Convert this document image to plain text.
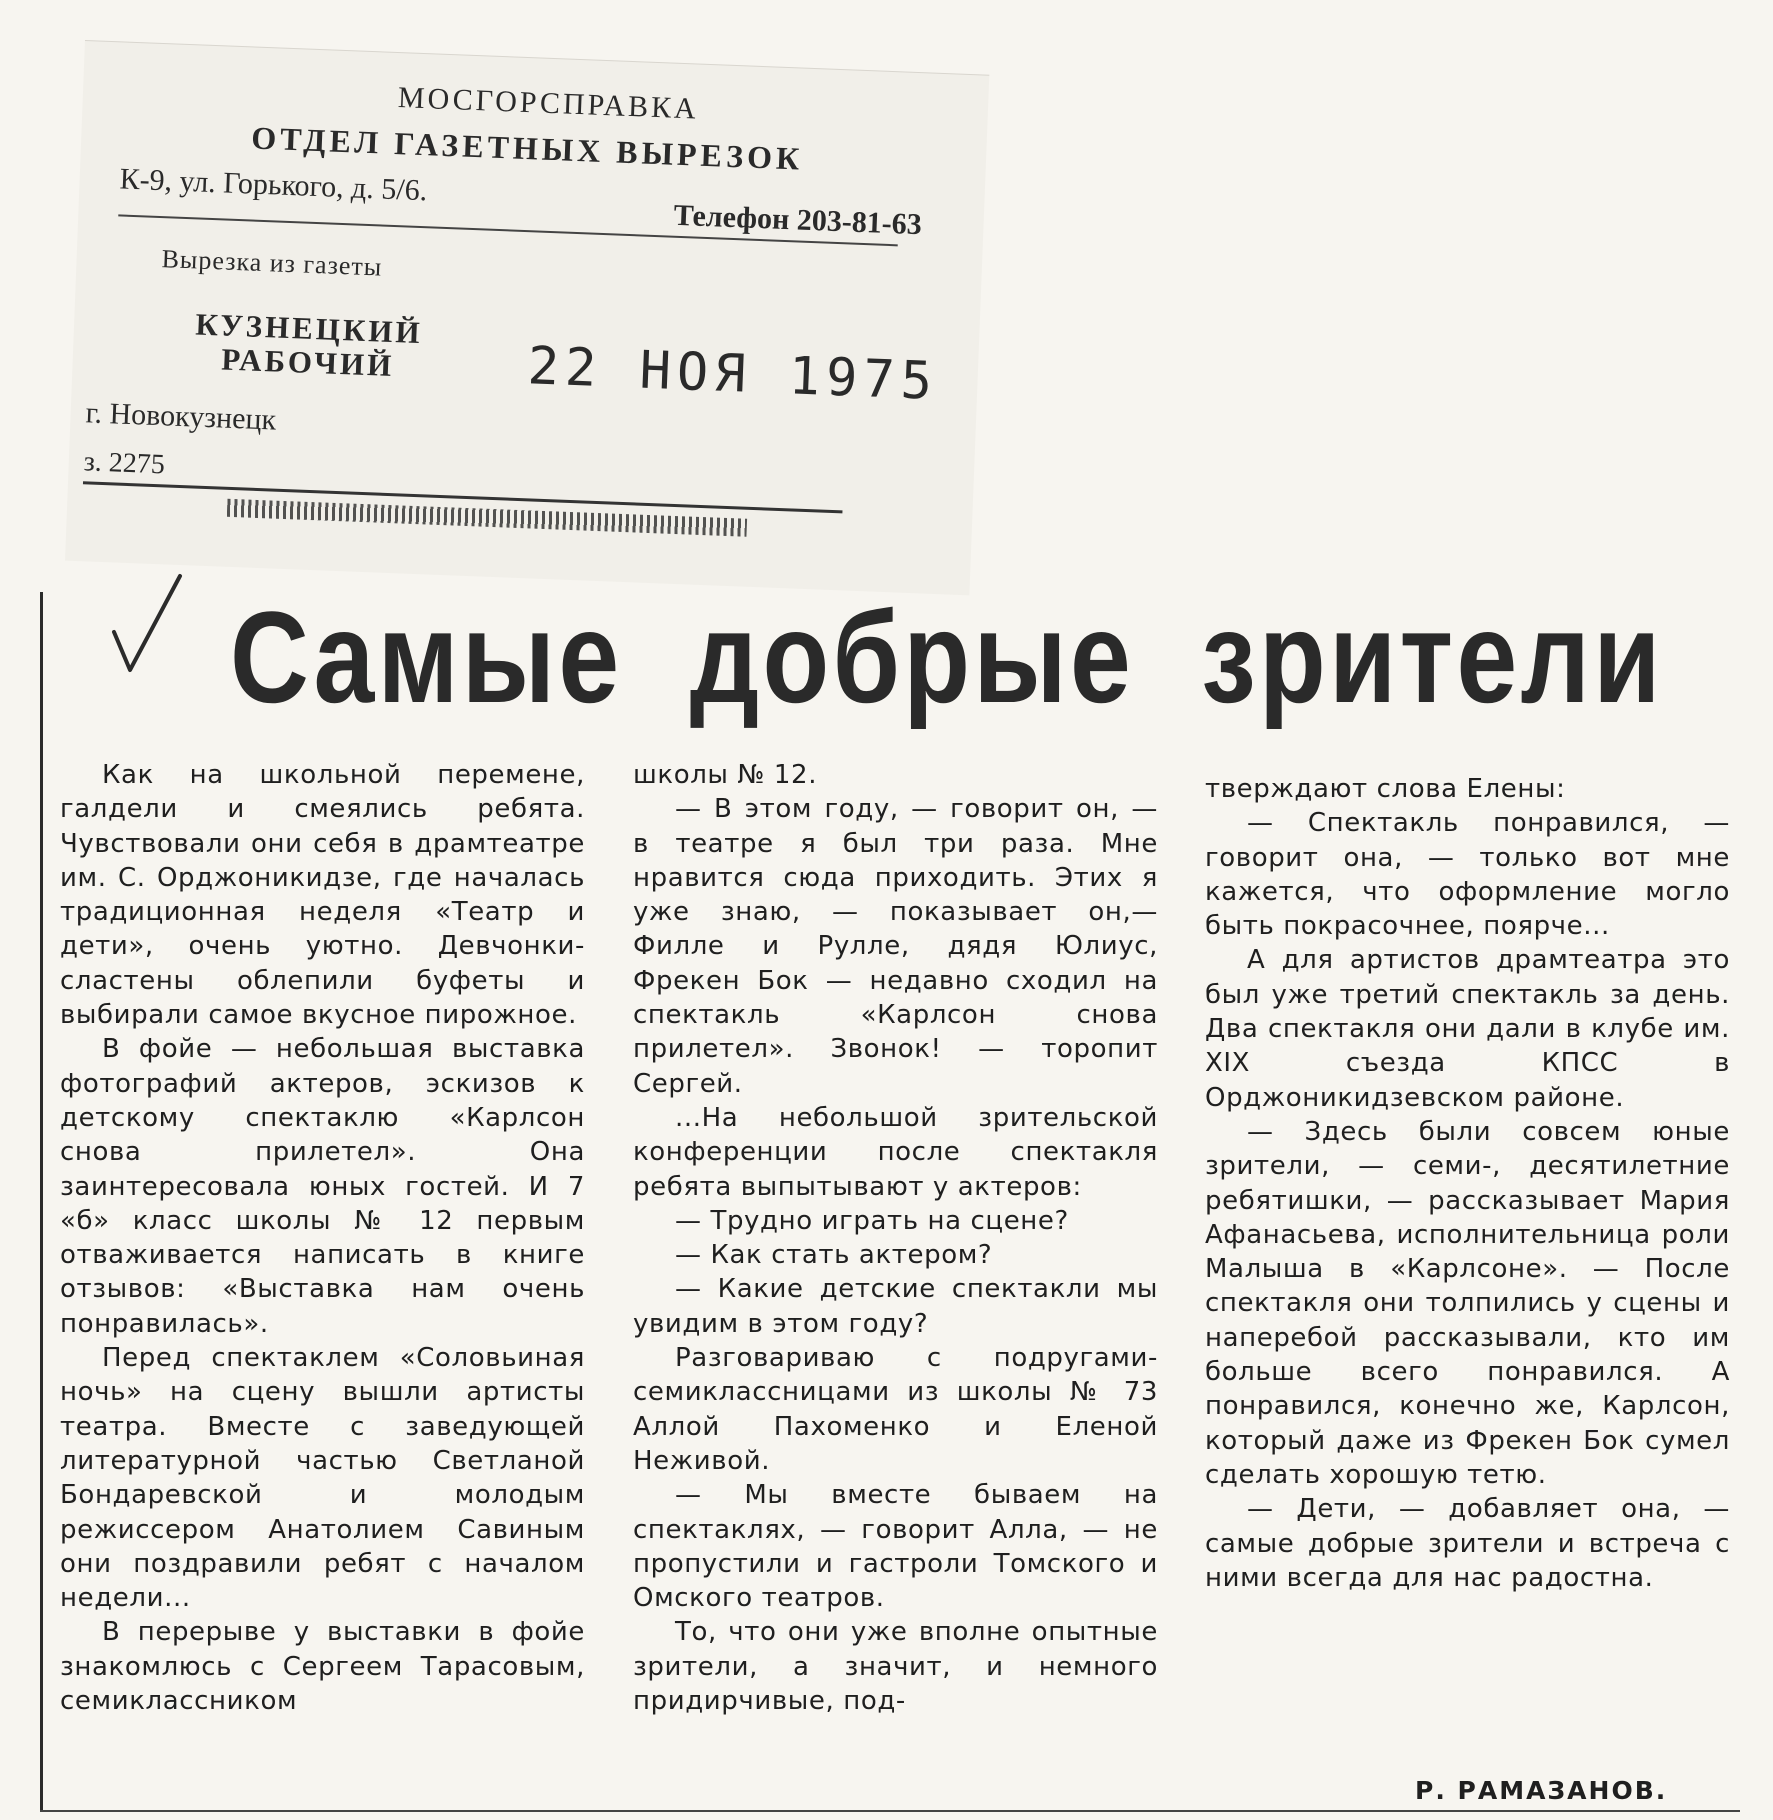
МОСГОРСПРАВКА
ОТДЕЛ ГАЗЕТНЫХ ВЫРЕЗОК
К-9, ул. Горького, д. 5/6.
Телефон 203-81-63
Вырезка из газеты
КУЗНЕЦКИЙ РАБОЧИЙ	22 НОЯ 1975
г. Новокузнецк
з. 2275
Самые добрые зрители

Как на школьной перемене, галдели и смеялись ребята. Чувствовали они себя в драмтеатре им. С. Орджоникидзе, где началась традиционная неделя «Театр и дети», очень уютно. Девчонки-сластены облепили буфеты и выбирали самое вкусное пирожное.

В фойе — небольшая выставка фотографий актеров, эскизов к детскому спектаклю «Карлсон снова прилетел». Она заинтересовала юных гостей. И 7 «б» класс школы № 12 первым отваживается написать в книге отзывов: «Выставка нам очень понравилась».

Перед спектаклем «Соловьиная ночь» на сцену вышли артисты театра. Вместе с заведующей литературной частью Светланой Бондаревской и молодым режиссером Анатолием Савиным они поздравили ребят с началом недели...

В перерыве у выставки в фойе знакомлюсь с Сергеем Тарасовым, семиклассником

школы № 12.

— В этом году, — говорит он, — в театре я был три раза. Мне нравится сюда приходить. Этих я уже знаю, — показывает он,—Филле и Рулле, дядя Юлиус, Фрекен Бок — недавно сходил на спектакль «Карлсон снова прилетел». Звонок! — торопит Сергей.

...На небольшой зрительской конференции после спектакля ребята выпытывают у актеров:

— Трудно играть на сцене?

— Как стать актером?

— Какие детские спектакли мы увидим в этом году?

Разговариваю с подругами-семиклассницами из школы № 73 Аллой Пахоменко и Еленой Неживой.

— Мы вместе бываем на спектаклях, — говорит Алла, — не пропустили и гастроли Томского и Омского театров.

То, что они уже вполне опытные зрители, а значит, и немного придирчивые, под-

тверждают слова Елены:

— Спектакль понравился, — говорит она, — только вот мне кажется, что оформление могло быть покрасочнее, поярче...

А для артистов драмтеатра это был уже третий спектакль за день. Два спектакля они дали в клубе им. XIX съезда КПСС в Орджоникидзевском районе.

— Здесь были совсем юные зрители, — семи-, десятилетние ребятишки, — рассказывает Мария Афанасьева, исполнительница роли Малыша в «Карлсоне». — После спектакля они толпились у сцены и наперебой рассказывали, кто им больше всего понравился. А понравился, конечно же, Карлсон, который даже из Фрекен Бок сумел сделать хорошую тетю.

— Дети, — добавляет она, — самые добрые зрители и встреча с ними всегда для нас радостна.

Р. РАМАЗАНОВ.
